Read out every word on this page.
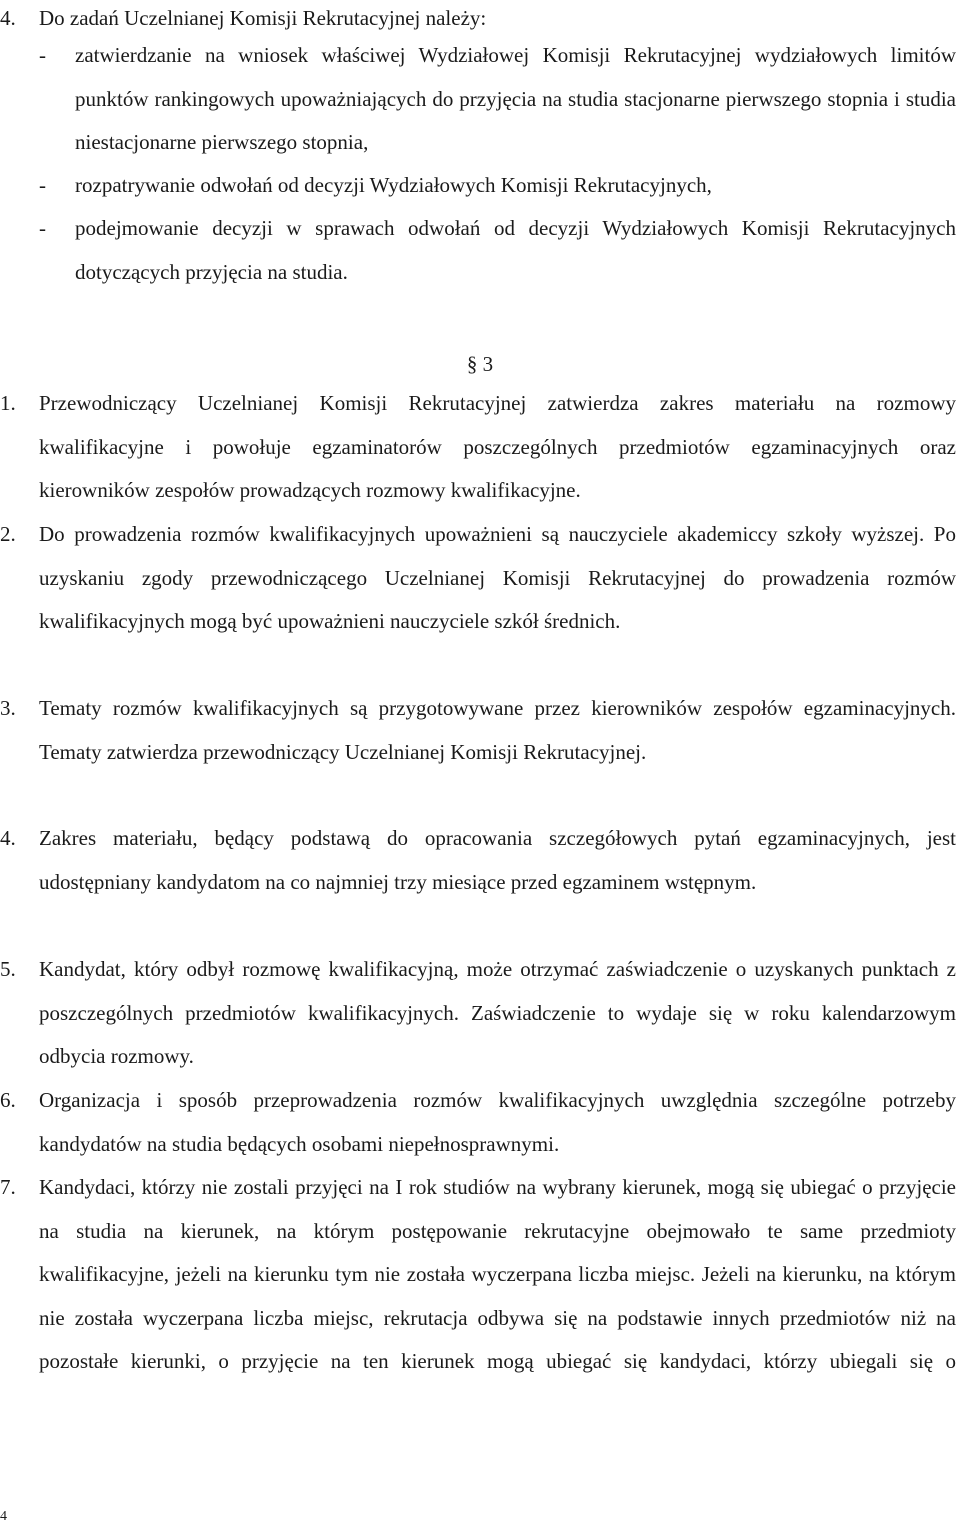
4.	Do zadań Uczelnianej Komisji Rekrutacyjnej należy:
-	zatwierdzanie na wniosek właściwej Wydziałowej Komisji Rekrutacyjnej wydziałowych limitów punktów rankingowych upoważniających do przyjęcia na studia stacjonarne pierwszego stopnia i studia niestacjonarne pierwszego stopnia,
-	rozpatrywanie odwołań od decyzji Wydziałowych Komisji Rekrutacyjnych,
-	podejmowanie decyzji w sprawach odwołań od decyzji Wydziałowych Komisji Rekrutacyjnych dotyczących przyjęcia na studia.
§ 3
1.	Przewodniczący Uczelnianej Komisji Rekrutacyjnej zatwierdza zakres materiału na rozmowy kwalifikacyjne i powołuje egzaminatorów poszczególnych przedmiotów egzaminacyjnych oraz kierowników zespołów prowadzących rozmowy kwalifikacyjne.
2.	Do prowadzenia rozmów kwalifikacyjnych upoważnieni są nauczyciele akademiccy szkoły wyższej. Po uzyskaniu zgody przewodniczącego Uczelnianej Komisji Rekrutacyjnej do prowadzenia rozmów kwalifikacyjnych mogą być upoważnieni nauczyciele szkół średnich.
3.	Tematy rozmów kwalifikacyjnych są przygotowywane przez kierowników zespołów egzaminacyjnych. Tematy zatwierdza przewodniczący Uczelnianej Komisji Rekrutacyjnej.
4.	Zakres materiału, będący podstawą do opracowania szczegółowych pytań egzaminacyjnych, jest udostępniany kandydatom na co najmniej trzy miesiące przed egzaminem wstępnym.
5.	Kandydat, który odbył rozmowę kwalifikacyjną, może otrzymać zaświadczenie o uzyskanych punktach z poszczególnych przedmiotów kwalifikacyjnych. Zaświadczenie to wydaje się w roku kalendarzowym odbycia rozmowy.
6.	Organizacja i sposób przeprowadzenia rozmów kwalifikacyjnych uwzględnia szczególne potrzeby kandydatów na studia będących osobami niepełnosprawnymi.
7.	Kandydaci, którzy nie zostali przyjęci na I rok studiów na wybrany kierunek, mogą się ubiegać o przyjęcie na studia na kierunek, na którym postępowanie rekrutacyjne obejmowało te same przedmioty kwalifikacyjne, jeżeli na kierunku tym nie została wyczerpana liczba miejsc. Jeżeli na kierunku, na którym nie została wyczerpana liczba miejsc, rekrutacja odbywa się na podstawie innych przedmiotów niż na pozostałe kierunki, o przyjęcie na ten kierunek mogą ubiegać się kandydaci, którzy ubiegali się o
4
